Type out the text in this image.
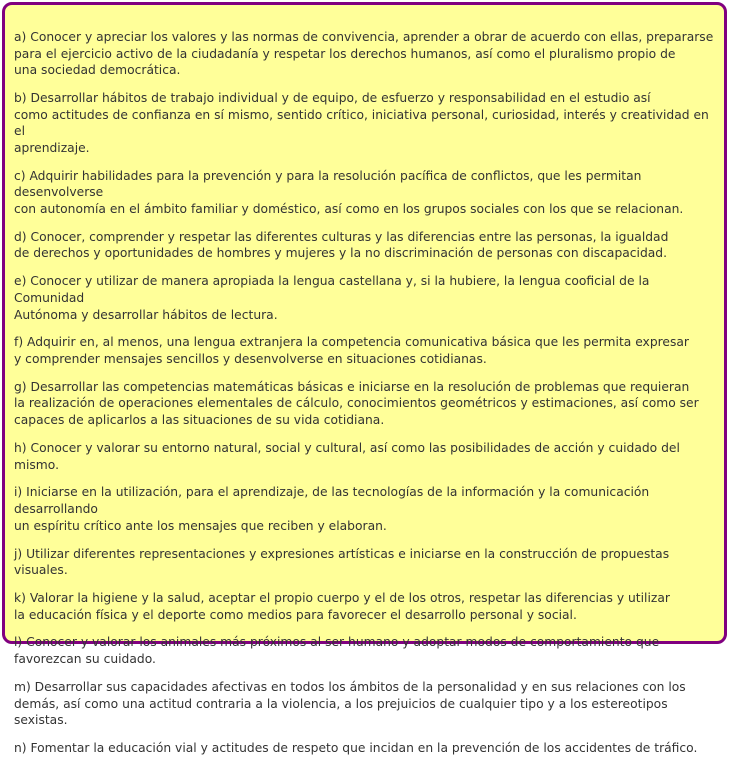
a) Conocer y apreciar los valores y las normas de convivencia, aprender a obrar de acuerdo con ellas, prepararse
para el ejercicio activo de la ciudadanía y respetar los derechos humanos, así como el pluralismo propio de
una sociedad democrática.

b) Desarrollar hábitos de trabajo individual y de equipo, de esfuerzo y responsabilidad en el estudio así
como actitudes de confianza en sí mismo, sentido crítico, iniciativa personal, curiosidad, interés y creatividad en el
aprendizaje.

c) Adquirir habilidades para la prevención y para la resolución pacífica de conflictos, que les permitan desenvolverse
con autonomía en el ámbito familiar y doméstico, así como en los grupos sociales con los que se relacionan.

d) Conocer, comprender y respetar las diferentes culturas y las diferencias entre las personas, la igualdad
de derechos y oportunidades de hombres y mujeres y la no discriminación de personas con discapacidad.

e) Conocer y utilizar de manera apropiada la lengua castellana y, si la hubiere, la lengua cooficial de la Comunidad
Autónoma y desarrollar hábitos de lectura.

f) Adquirir en, al menos, una lengua extranjera la competencia comunicativa básica que les permita expresar
y comprender mensajes sencillos y desenvolverse en situaciones cotidianas.

g) Desarrollar las competencias matemáticas básicas e iniciarse en la resolución de problemas que requieran
la realización de operaciones elementales de cálculo, conocimientos geométricos y estimaciones, así como ser
capaces de aplicarlos a las situaciones de su vida cotidiana.

h) Conocer y valorar su entorno natural, social y cultural, así como las posibilidades de acción y cuidado del
mismo.

i) Iniciarse en la utilización, para el aprendizaje, de las tecnologías de la información y la comunicación desarrollando
un espíritu crítico ante los mensajes que reciben y elaboran.

j) Utilizar diferentes representaciones y expresiones artísticas e iniciarse en la construcción de propuestas visuales.

k) Valorar la higiene y la salud, aceptar el propio cuerpo y el de los otros, respetar las diferencias y utilizar
la educación física y el deporte como medios para favorecer el desarrollo personal y social.

l) Conocer y valorar los animales más próximos al ser humano y adoptar modos de comportamiento que
favorezcan su cuidado.

m) Desarrollar sus capacidades afectivas en todos los ámbitos de la personalidad y en sus relaciones con los
demás, así como una actitud contraria a la violencia, a los prejuicios de cualquier tipo y a los estereotipos sexistas.

n) Fomentar la educación vial y actitudes de respeto que incidan en la prevención de los accidentes de tráfico.
